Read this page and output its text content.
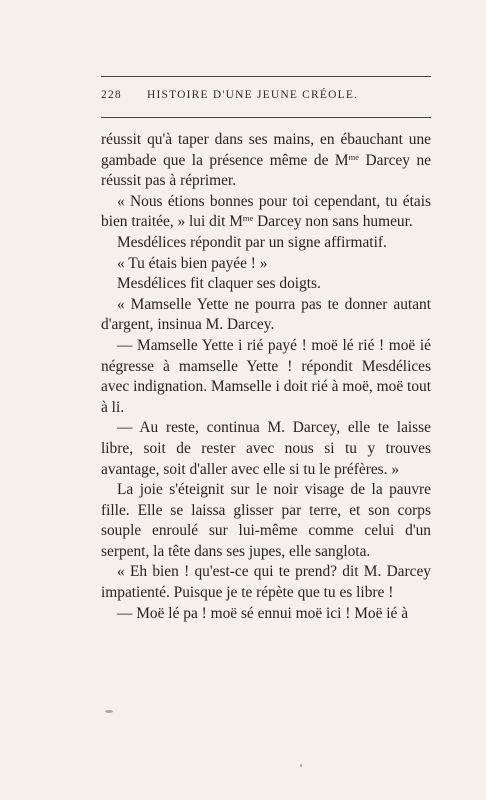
228 HISTOIRE D'UNE JEUNE CRÉOLE.

réussit qu'à taper dans ses mains, en ébauchant une gambade que la présence même de $M^{me}$ Darcey ne réussit pas à réprimer.

« Nous étions bonnes pour toi cependant, tu étais bien traitée, » lui dit $M^{me}$ Darcey non sans humeur.

Mesdélices répondit par un signe affirmatif.

« Tu étais bien payée ! »

Mesdélices fit claquer ses doigts.

« Mamselle Yette ne pourra pas te donner autant d'argent, insinua M. Darcey.

— Mamselle Yette i rié payé ! moë lé rié ! moë ié négresse à mamselle Yette ! répondit Mesdélices avec indignation. Mamselle i doit rié à moë, moë tout à li.

— Au reste, continua M. Darcey, elle te laisse libre, soit de rester avec nous si tu y trouves avantage, soit d'aller avec elle si tu le préfères. »

La joie s'éteignit sur le noir visage de la pauvre fille. Elle se laissa glisser par terre, et son corps souple enroulé sur lui-même comme celui d'un serpent, la tête dans ses jupes, elle sanglota.

« Eh bien ! qu'est-ce qui te prend? dit M. Darcey impatienté. Puisque je te répète que tu es libre !

— Moë lé pa ! moë sé ennui moë ici ! Moë ié à
